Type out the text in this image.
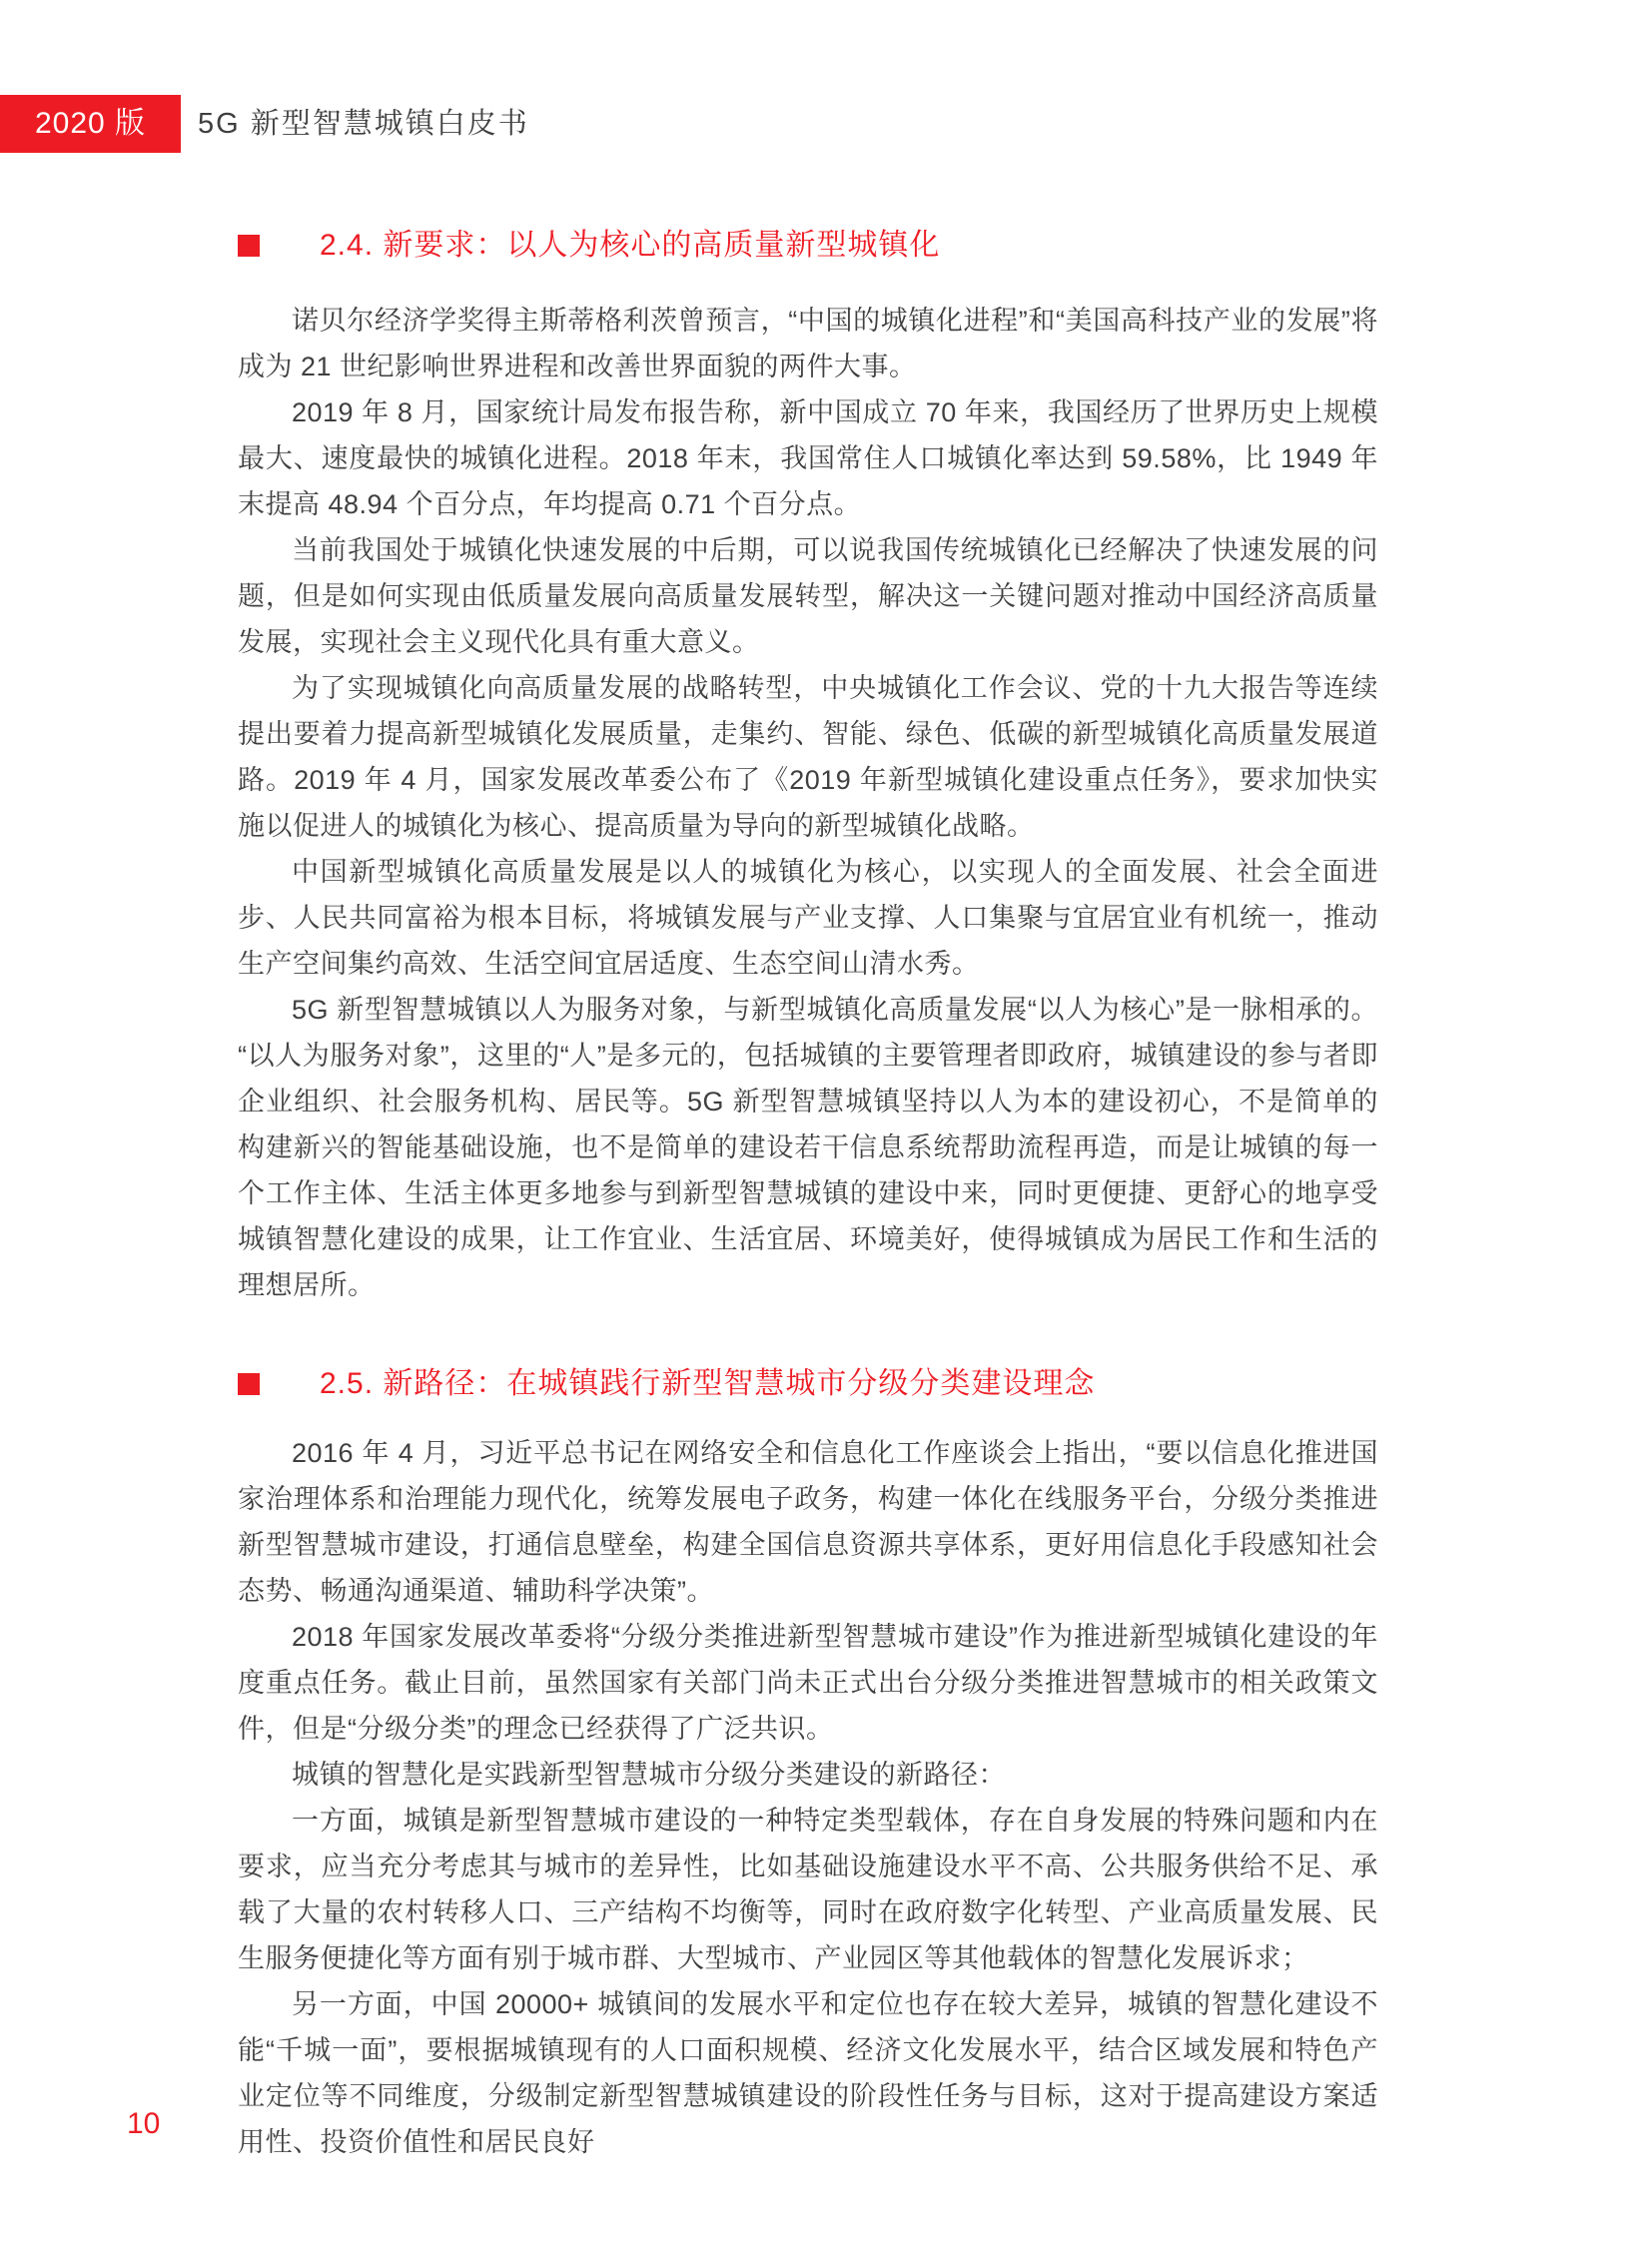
2020 版	5G 新型智慧城镇白皮书
2.4. 新要求：以人为核心的高质量新型城镇化

诺贝尔经济学奖得主斯蒂格利茨曾预言，“中国的城镇化进程”和“美国高科技产业的发展”将成为 21 世纪影响世界进程和改善世界面貌的两件大事。

2019 年 8 月，国家统计局发布报告称，新中国成立 70 年来，我国经历了世界历史上规模最大、速度最快的城镇化进程。2018 年末，我国常住人口城镇化率达到 59.58%，比 1949 年末提高 48.94 个百分点，年均提高 0.71 个百分点。

当前我国处于城镇化快速发展的中后期，可以说我国传统城镇化已经解决了快速发展的问题，但是如何实现由低质量发展向高质量发展转型，解决这一关键问题对推动中国经济高质量发展，实现社会主义现代化具有重大意义。

为了实现城镇化向高质量发展的战略转型，中央城镇化工作会议、党的十九大报告等连续提出要着力提高新型城镇化发展质量，走集约、智能、绿色、低碳的新型城镇化高质量发展道路。2019 年 4 月，国家发展改革委公布了《2019 年新型城镇化建设重点任务》，要求加快实施以促进人的城镇化为核心、提高质量为导向的新型城镇化战略。

中国新型城镇化高质量发展是以人的城镇化为核心，以实现人的全面发展、社会全面进步、人民共同富裕为根本目标，将城镇发展与产业支撑、人口集聚与宜居宜业有机统一，推动生产空间集约高效、生活空间宜居适度、生态空间山清水秀。

5G 新型智慧城镇以人为服务对象，与新型城镇化高质量发展“以人为核心”是一脉相承的。“以人为服务对象”，这里的“人”是多元的，包括城镇的主要管理者即政府，城镇建设的参与者即企业组织、社会服务机构、居民等。5G 新型智慧城镇坚持以人为本的建设初心，不是简单的构建新兴的智能基础设施，也不是简单的建设若干信息系统帮助流程再造，而是让城镇的每一个工作主体、生活主体更多地参与到新型智慧城镇的建设中来，同时更便捷、更舒心的地享受城镇智慧化建设的成果，让工作宜业、生活宜居、环境美好，使得城镇成为居民工作和生活的理想居所。

2.5. 新路径：在城镇践行新型智慧城市分级分类建设理念

2016 年 4 月，习近平总书记在网络安全和信息化工作座谈会上指出，“要以信息化推进国家治理体系和治理能力现代化，统筹发展电子政务，构建一体化在线服务平台，分级分类推进新型智慧城市建设，打通信息壁垒，构建全国信息资源共享体系，更好用信息化手段感知社会态势、畅通沟通渠道、辅助科学决策”。

2018 年国家发展改革委将“分级分类推进新型智慧城市建设”作为推进新型城镇化建设的年度重点任务。截止目前，虽然国家有关部门尚未正式出台分级分类推进智慧城市的相关政策文件，但是“分级分类”的理念已经获得了广泛共识。

城镇的智慧化是实践新型智慧城市分级分类建设的新路径：

一方面，城镇是新型智慧城市建设的一种特定类型载体，存在自身发展的特殊问题和内在要求，应当充分考虑其与城市的差异性，比如基础设施建设水平不高、公共服务供给不足、承载了大量的农村转移人口、三产结构不均衡等，同时在政府数字化转型、产业高质量发展、民生服务便捷化等方面有别于城市群、大型城市、产业园区等其他载体的智慧化发展诉求；

另一方面，中国 20000+ 城镇间的发展水平和定位也存在较大差异，城镇的智慧化建设不能“千城一面”，要根据城镇现有的人口面积规模、经济文化发展水平，结合区域发展和特色产业定位等不同维度，分级制定新型智慧城镇建设的阶段性任务与目标，这对于提高建设方案适用性、投资价值性和居民良好

10
